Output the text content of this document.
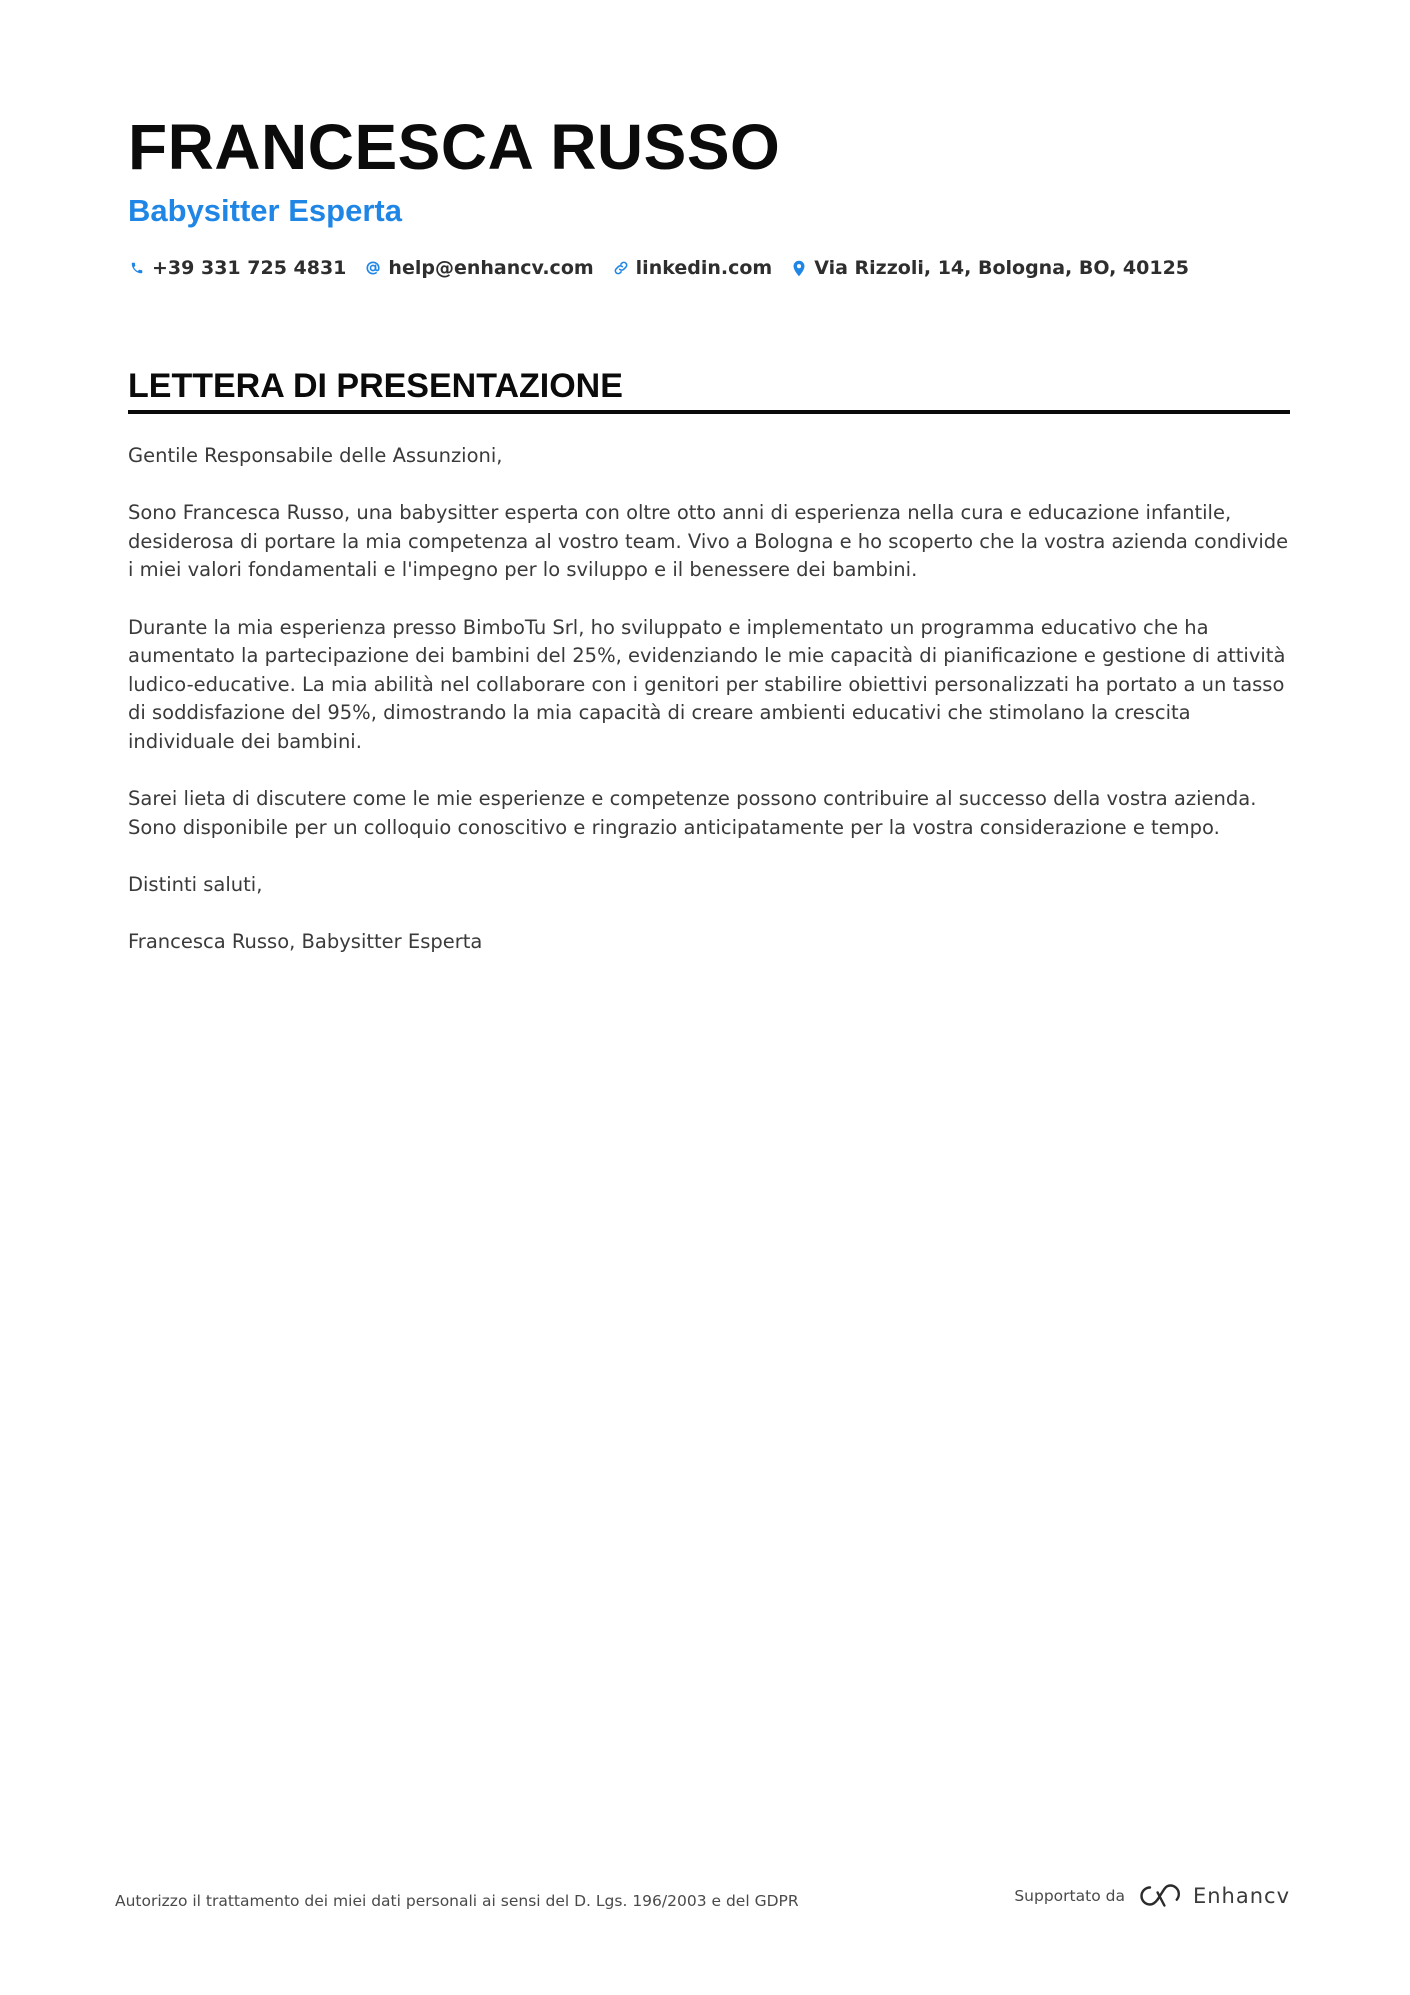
FRANCESCA RUSSO
Babysitter Esperta
+39 331 725 4831 help@enhancv.com linkedin.com Via Rizzoli, 14, Bologna, BO, 40125
LETTERA DI PRESENTAZIONE

Gentile Responsabile delle Assunzioni,

Sono Francesca Russo, una babysitter esperta con oltre otto anni di esperienza nella cura e educazione infantile, desiderosa di portare la mia competenza al vostro team. Vivo a Bologna e ho scoperto che la vostra azienda condivide i miei valori fondamentali e l'impegno per lo sviluppo e il benessere dei bambini.

Durante la mia esperienza presso BimboTu Srl, ho sviluppato e implementato un programma educativo che ha aumentato la partecipazione dei bambini del 25%, evidenziando le mie capacità di pianificazione e gestione di attività ludico-educative. La mia abilità nel collaborare con i genitori per stabilire obiettivi personalizzati ha portato a un tasso di soddisfazione del 95%, dimostrando la mia capacità di creare ambienti educativi che stimolano la crescita individuale dei bambini.

Sarei lieta di discutere come le mie esperienze e competenze possono contribuire al successo della vostra azienda. Sono disponibile per un colloquio conoscitivo e ringrazio anticipatamente per la vostra considerazione e tempo.

Distinti saluti,

Francesca Russo, Babysitter Esperta

Autorizzo il trattamento dei miei dati personali ai sensi del D. Lgs. 196/2003 e del GDPR	Supportato da	Enhancv
